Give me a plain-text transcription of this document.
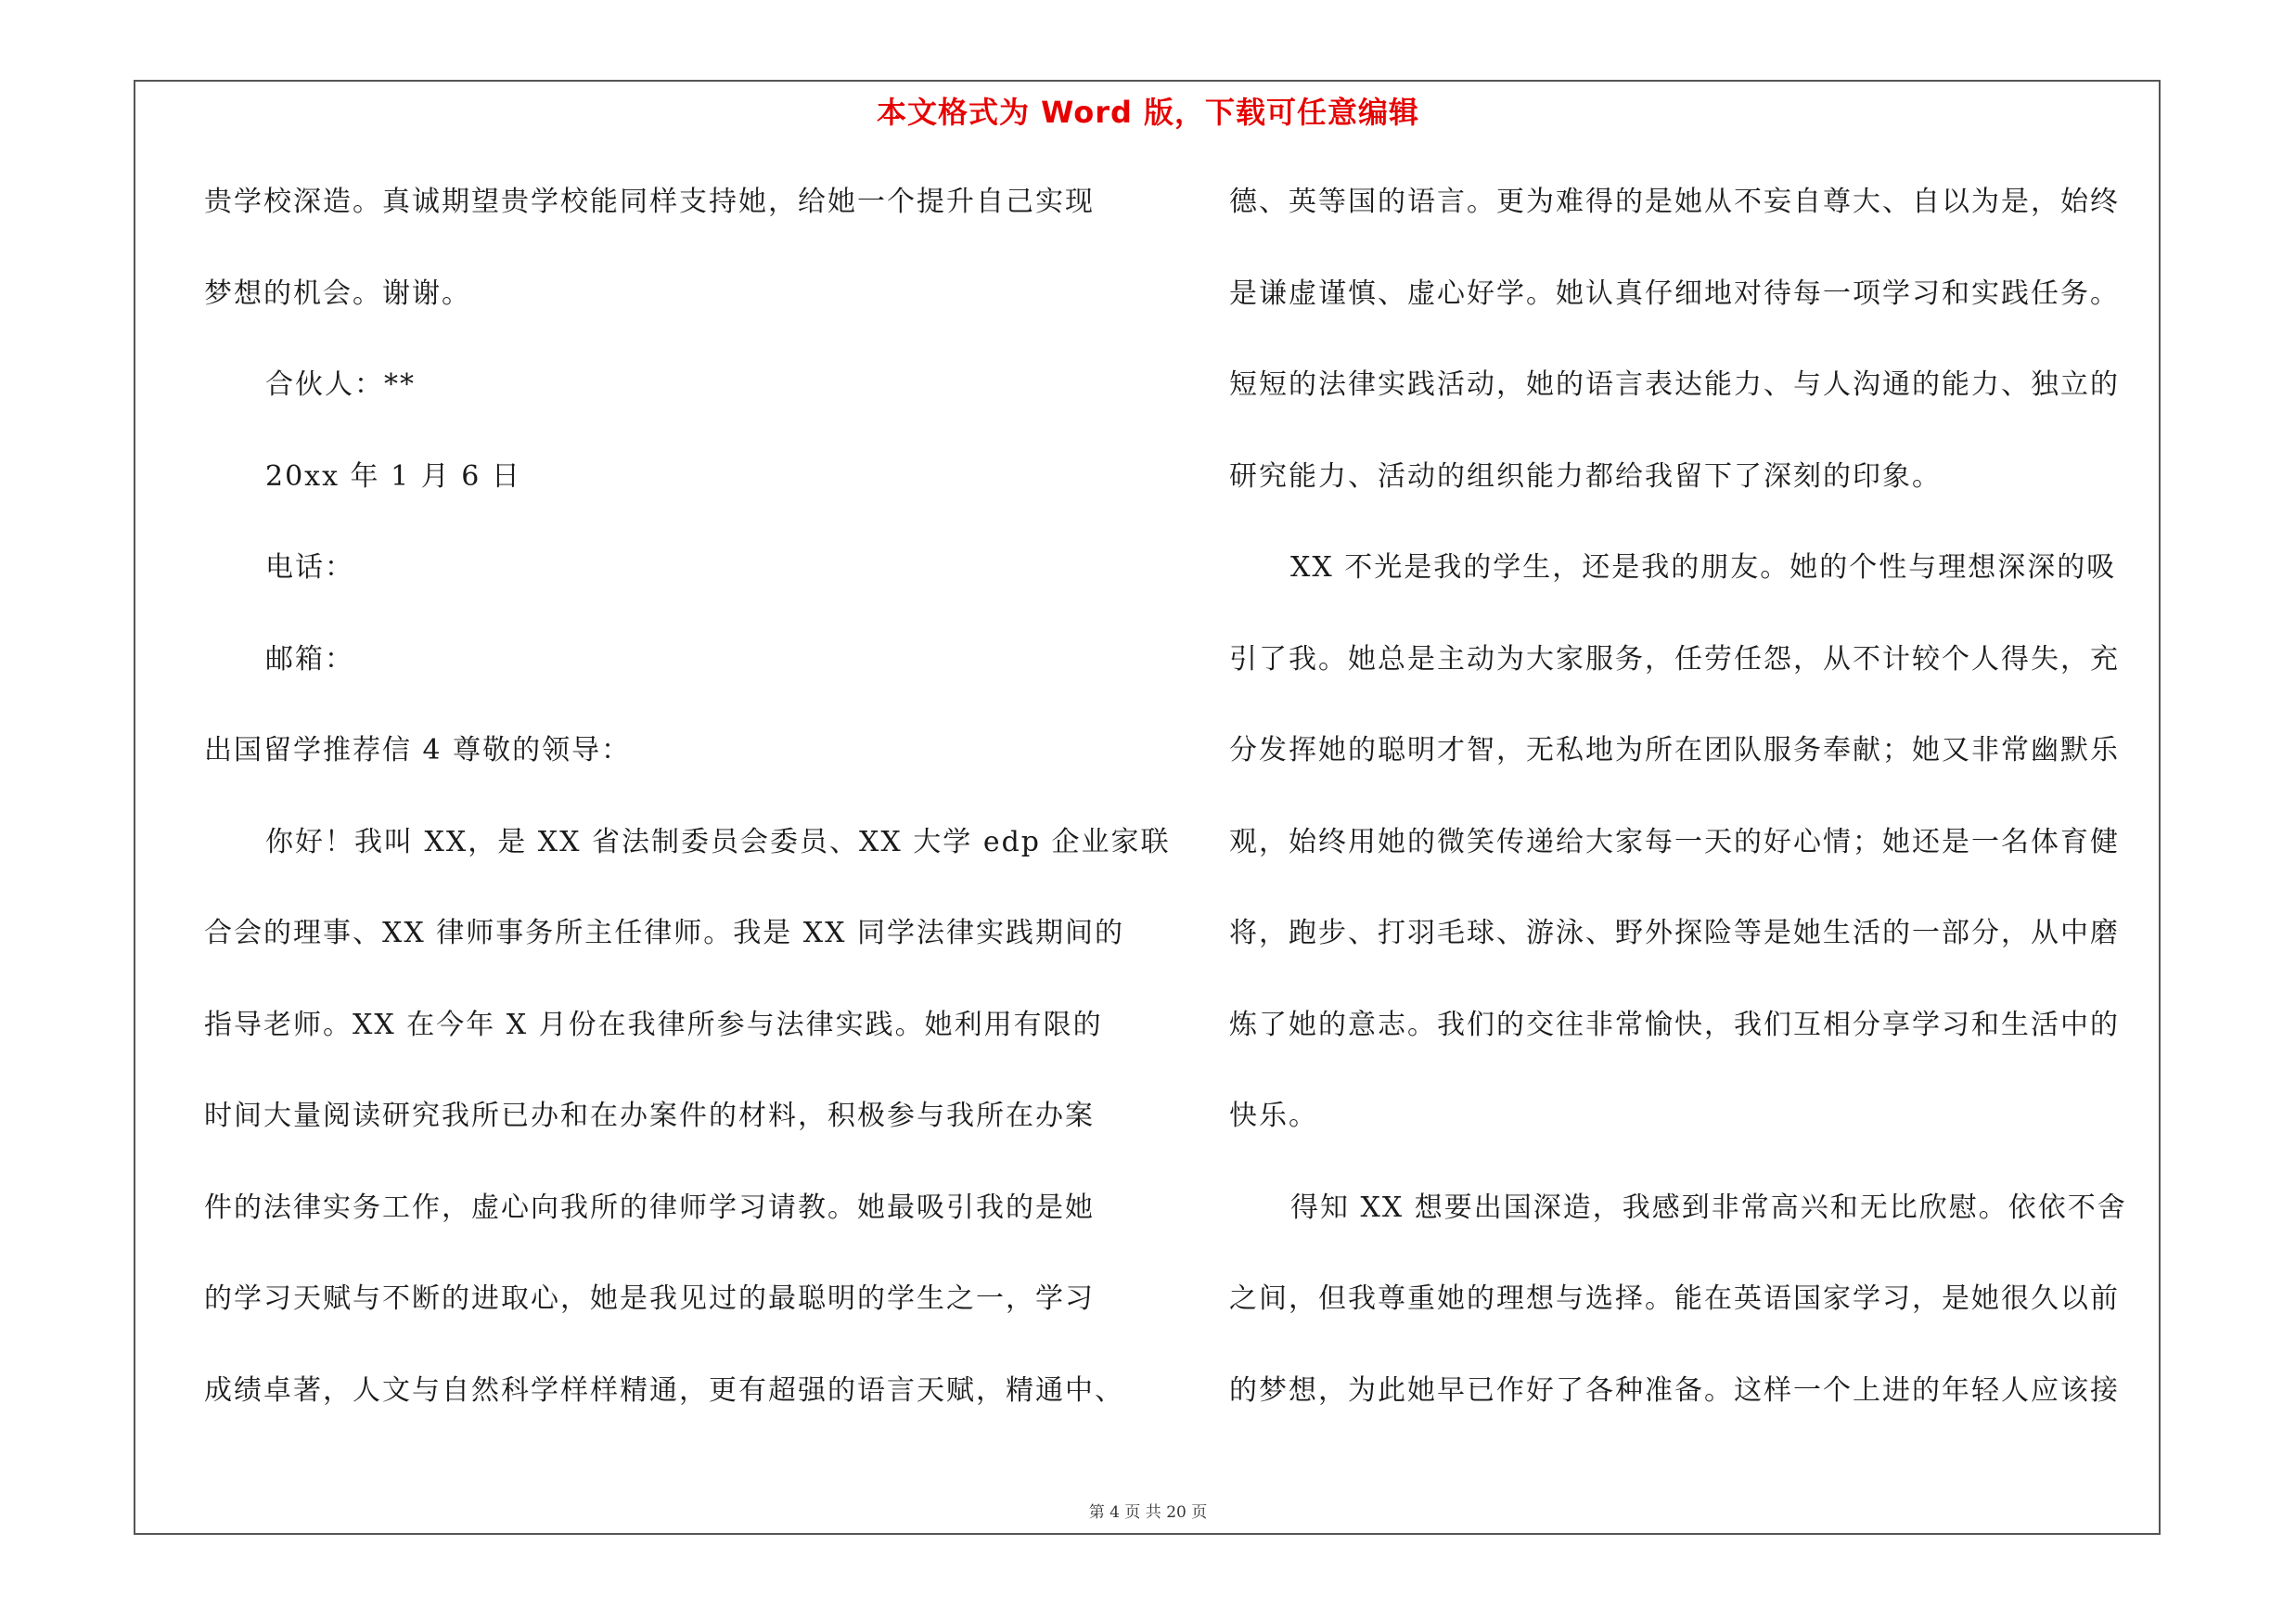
本文格式为 Word 版，下载可任意编辑
贵学校深造。真诚期望贵学校能同样支持她，给她一个提升自己实现
梦想的机会。谢谢。
合伙人：**
20xx 年 1 月 6 日
电话：
邮箱：
出国留学推荐信 4 尊敬的领导：
你好！我叫 XX，是 XX 省法制委员会委员、XX 大学 edp 企业家联
合会的理事、XX 律师事务所主任律师。我是 XX 同学法律实践期间的
指导老师。XX 在今年 X 月份在我律所参与法律实践。她利用有限的
时间大量阅读研究我所已办和在办案件的材料，积极参与我所在办案
件的法律实务工作，虚心向我所的律师学习请教。她最吸引我的是她
的学习天赋与不断的进取心，她是我见过的最聪明的学生之一，学习
成绩卓著，人文与自然科学样样精通，更有超强的语言天赋，精通中、
德、英等国的语言。更为难得的是她从不妄自尊大、自以为是，始终
是谦虚谨慎、虚心好学。她认真仔细地对待每一项学习和实践任务。
短短的法律实践活动，她的语言表达能力、与人沟通的能力、独立的
研究能力、活动的组织能力都给我留下了深刻的印象。
XX 不光是我的学生，还是我的朋友。她的个性与理想深深的吸
引了我。她总是主动为大家服务，任劳任怨，从不计较个人得失，充
分发挥她的聪明才智，无私地为所在团队服务奉献；她又非常幽默乐
观，始终用她的微笑传递给大家每一天的好心情；她还是一名体育健
将，跑步、打羽毛球、游泳、野外探险等是她生活的一部分，从中磨
炼了她的意志。我们的交往非常愉快，我们互相分享学习和生活中的
快乐。
得知 XX 想要出国深造，我感到非常高兴和无比欣慰。依依不舍
之间，但我尊重她的理想与选择。能在英语国家学习，是她很久以前
的梦想，为此她早已作好了各种准备。这样一个上进的年轻人应该接
第 4 页 共 20 页
